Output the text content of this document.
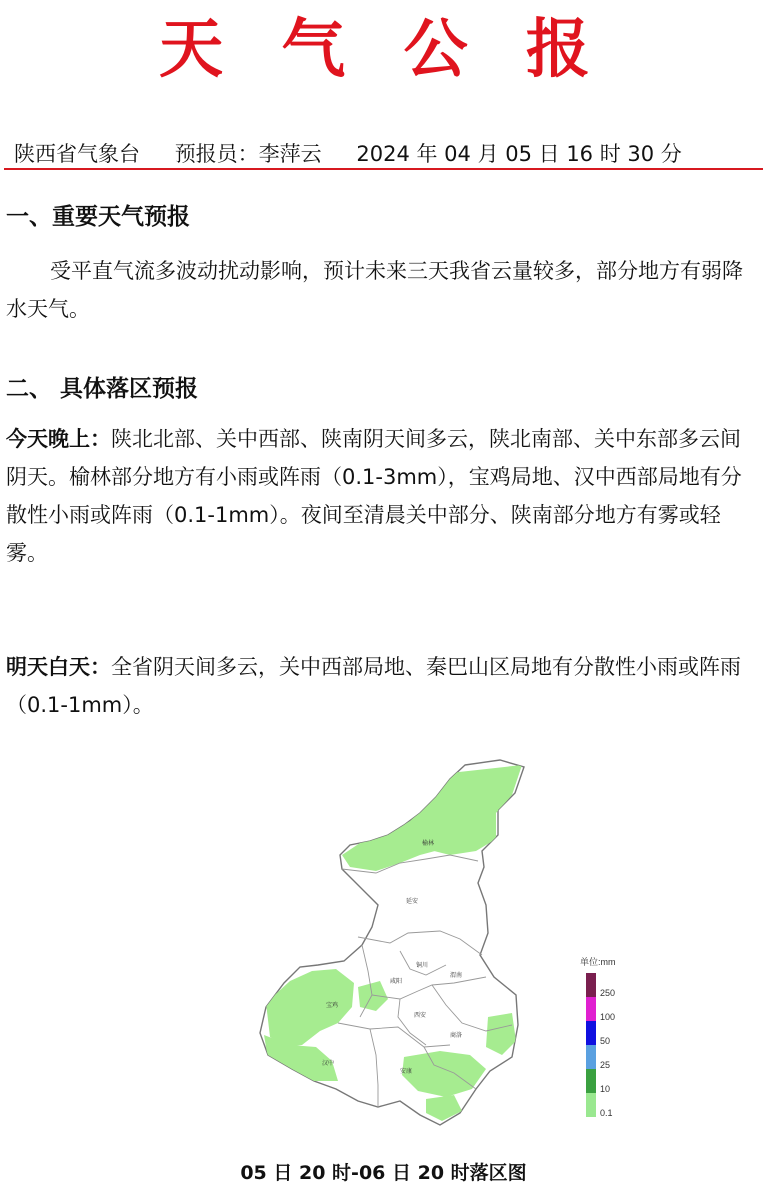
天 气 公 报
陕西省气象台 预报员：李萍云 2024 年 04 月 05 日 16 时 30 分
一、重要天气预报
受平直气流多波动扰动影响，预计未来三天我省云量较多，部分地方有弱降水天气。
二、 具体落区预报
今天晚上：陕北北部、关中西部、陕南阴天间多云，陕北南部、关中东部多云间阴天。榆林部分地方有小雨或阵雨（0.1-3mm），宝鸡局地、汉中西部局地有分散性小雨或阵雨（0.1-1mm）。夜间至清晨关中部分、陕南部分地方有雾或轻雾。
明天白天：全省阴天间多云，关中西部局地、秦巴山区局地有分散性小雨或阵雨（0.1-1mm）。
榆林
延安
铜川
渭南
咸阳
宝鸡
西安
商洛
汉中
安康
单位:mm
250
100
50
25
10
0.1
05 日 20 时-06 日 20 时落区图
